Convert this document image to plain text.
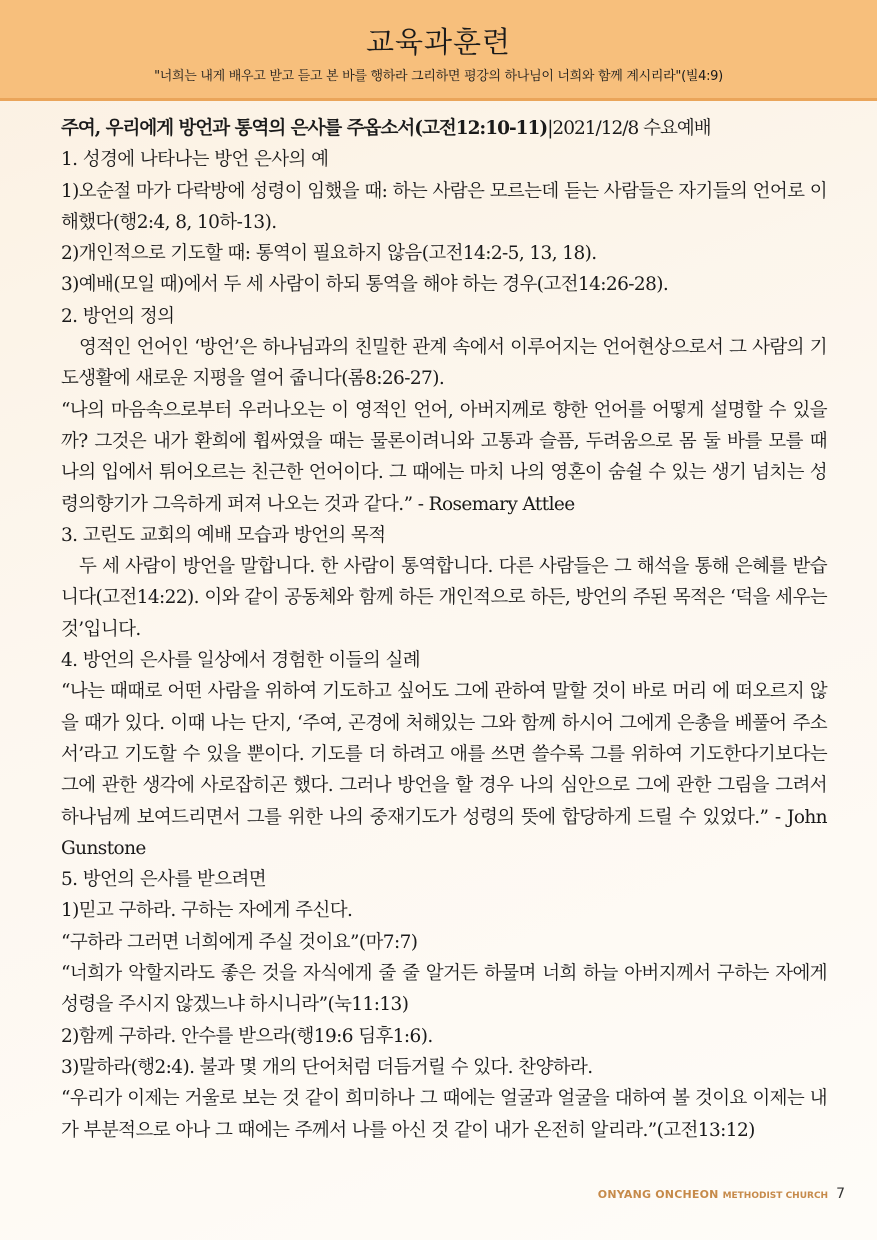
교육과훈련
"너희는 내게 배우고 받고 듣고 본 바를 행하라 그리하면 평강의 하나님이 너희와 함께 계시리라"(빌4:9)

주여, 우리에게 방언과 통역의 은사를 주옵소서(고전12:10-11)|2021/12/8 수요예배

1. 성경에 나타나는 방언 은사의 예

1)오순절 마가 다락방에 성령이 임했을 때: 하는 사람은 모르는데 듣는 사람들은 자기들의 언어로 이해했다(행2:4, 8, 10하-13).

2)개인적으로 기도할 때: 통역이 필요하지 않음(고전14:2-5, 13, 18).

3)예배(모일 때)에서 두 세 사람이 하되 통역을 해야 하는 경우(고전14:26-28).

2. 방언의 정의

영적인 언어인 ‘방언’은 하나님과의 친밀한 관계 속에서 이루어지는 언어현상으로서 그 사람의 기도생활에 새로운 지평을 열어 줍니다(롬8:26-27).

“나의 마음속으로부터 우러나오는 이 영적인 언어, 아버지께로 향한 언어를 어떻게 설명할 수 있을까? 그것은 내가 환희에 휩싸였을 때는 물론이려니와 고통과 슬픔, 두려움으로 몸 둘 바를 모를 때 나의 입에서 튀어오르는 친근한 언어이다. 그 때에는 마치 나의 영혼이 숨쉴 수 있는 생기 넘치는 성령의향기가 그윽하게 퍼져 나오는 것과 같다.” - Rosemary Attlee

3. 고린도 교회의 예배 모습과 방언의 목적

두 세 사람이 방언을 말합니다. 한 사람이 통역합니다. 다른 사람들은 그 해석을 통해 은혜를 받습니다(고전14:22). 이와 같이 공동체와 함께 하든 개인적으로 하든, 방언의 주된 목적은 ‘덕을 세우는 것’입니다.

4. 방언의 은사를 일상에서 경험한 이들의 실례

“나는 때때로 어떤 사람을 위하여 기도하고 싶어도 그에 관하여 말할 것이 바로 머리 에 떠오르지 않을 때가 있다. 이때 나는 단지, ‘주여, 곤경에 처해있는 그와 함께 하시어 그에게 은총을 베풀어 주소서’라고 기도할 수 있을 뿐이다. 기도를 더 하려고 애를 쓰면 쓸수록 그를 위하여 기도한다기보다는 그에 관한 생각에 사로잡히곤 했다. 그러나 방언을 할 경우 나의 심안으로 그에 관한 그림을 그려서 하나님께 보여드리면서 그를 위한 나의 중재기도가 성령의 뜻에 합당하게 드릴 수 있었다.” - John Gunstone

5. 방언의 은사를 받으려면

1)믿고 구하라. 구하는 자에게 주신다.

“구하라 그러면 너희에게 주실 것이요”(마7:7)

“너희가 악할지라도 좋은 것을 자식에게 줄 줄 알거든 하물며 너희 하늘 아버지께서 구하는 자에게 성령을 주시지 않겠느냐 하시니라”(눅11:13)

2)함께 구하라. 안수를 받으라(행19:6 딤후1:6).

3)말하라(행2:4). 불과 몇 개의 단어처럼 더듬거릴 수 있다. 찬양하라.

“우리가 이제는 거울로 보는 것 같이 희미하나 그 때에는 얼굴과 얼굴을 대하여 볼 것이요 이제는 내가 부분적으로 아나 그 때에는 주께서 나를 아신 것 같이 내가 온전히 알리라.”(고전13:12)

ONYANG ONCHEON METHODIST CHURCH 7
